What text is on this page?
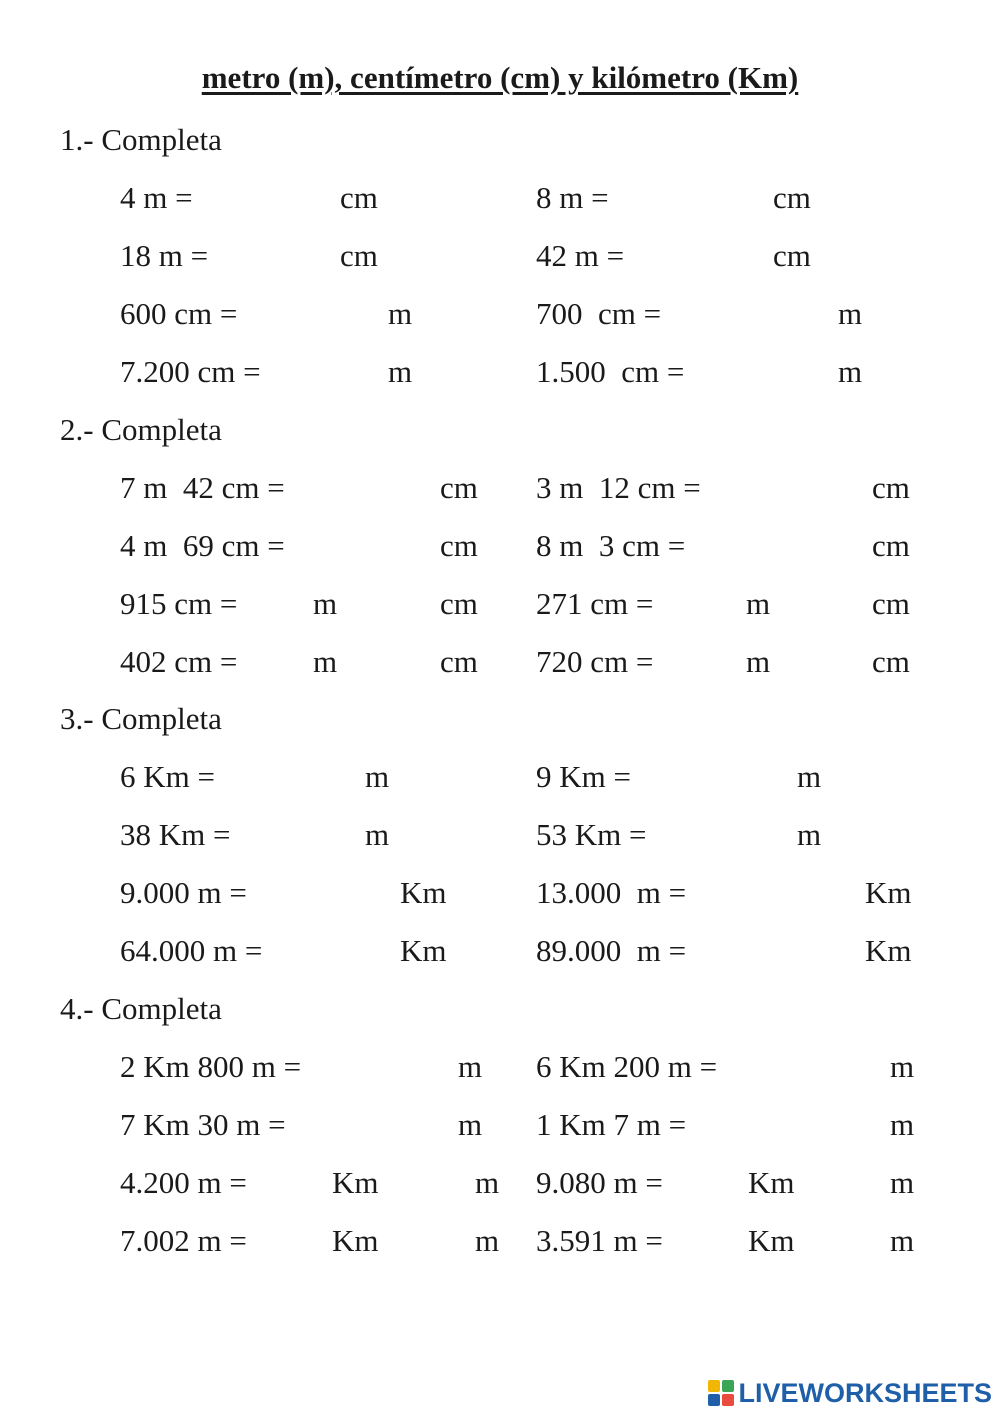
metro (m), centímetro (cm) y kilómetro (Km)
1.- Completa
4 m =	cm	8 m =	cm
18 m =	cm	42 m =	cm
600 cm =	m	700  cm =	m
7.200 cm =	m	1.500  cm =	m
2.- Completa
7 m  42 cm =	cm 3 m  12 cm =	cm
4 m  69 cm =	cm 8 m  3 cm =	cm
915 cm = m	cm 271 cm =	m	cm
402 cm = m	cm 720 cm =	m	cm
3.- Completa
6 Km =	m	9 Km =	m
38 Km =	m	53 Km =	m
9.000 m =	Km	13.000  m =	Km
64.000 m =	Km	89.000  m =	Km
4.- Completa
2 Km 800 m =	m 6 Km 200 m =	m
7 Km 30 m =	m 1 Km 7 m =	m
4.200 m =	Km	m 9.080 m =	Km	m
7.002 m =	Km	m 3.591 m =	Km	m
LIVEWORKSHEETS
